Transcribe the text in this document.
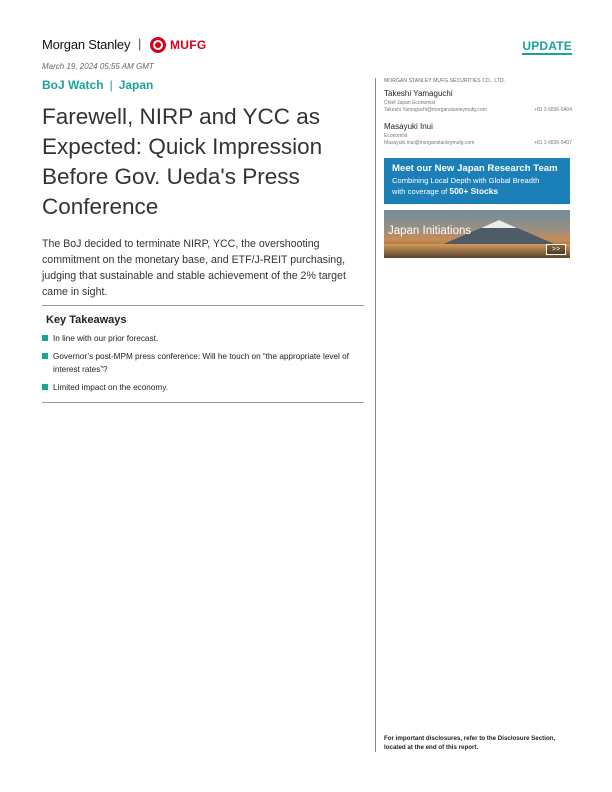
Morgan Stanley | MUFG	UPDATE
March 19, 2024 05:55 AM GMT
BoJ Watch | Japan
Farewell, NIRP and YCC as Expected: Quick Impression Before Gov. Ueda's Press Conference

The BoJ decided to terminate NIRP, YCC, the overshooting commitment on the monetary base, and ETF/J-REIT purchasing, judging that sustainable and stable achievement of the 2% target came in sight.

Key Takeaways
In line with our prior forecast.
Governor’s post-MPM press conference: Will he touch on “the appropriate level of interest rates”?
Limited impact on the economy.
MORGAN STANLEY MUFG SECURITIES CO., LTD.
Takeshi Yamaguchi
Chief Japan Economist
Takeshi.Yamaguchi@morganstanleymufg.com	+81 3 6836-5404
Masayuki Inui
Economist
Masayuki.Inui@morganstanleymufg.com	+81 3 6836-5407
Meet our New Japan Research Team
Combining Local Depth with Global Breadth
with coverage of 500+ Stocks
Japan Initiations
>>
For important disclosures, refer to the Disclosure Section, located at the end of this report.
